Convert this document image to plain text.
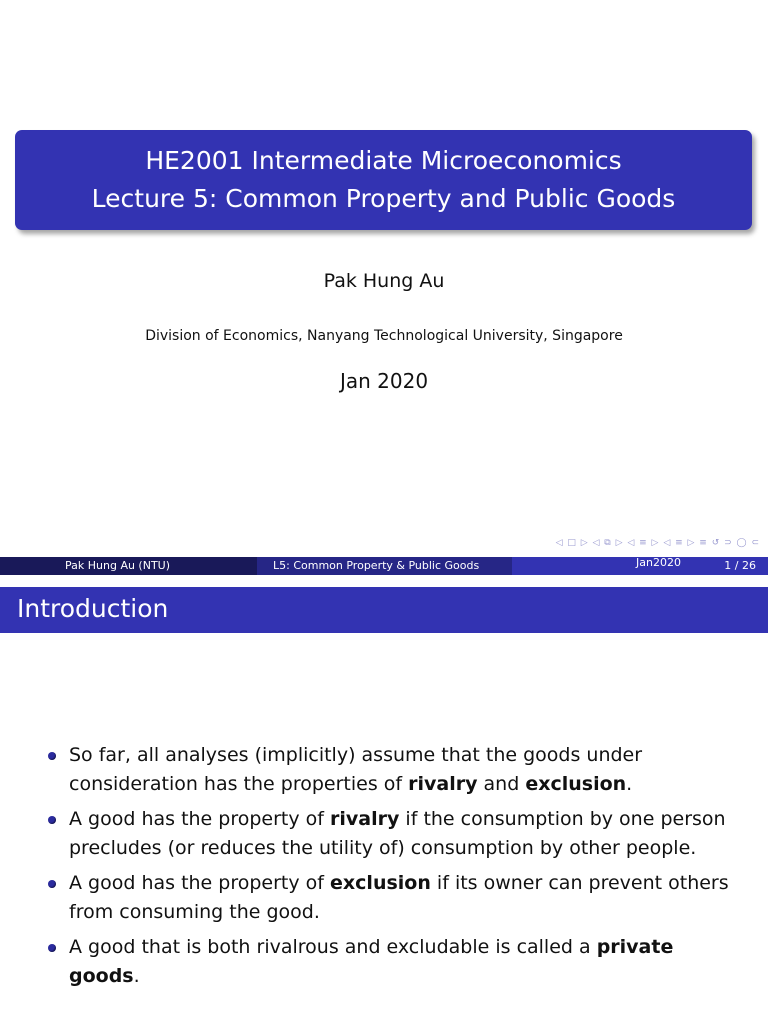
HE2001 Intermediate Microeconomics
Lecture 5: Common Property and Public Goods
Pak Hung Au
Division of Economics, Nanyang Technological University, Singapore
Jan 2020
◁ □ ▷ ◁ ⧉ ▷ ◁ ≡ ▷ ◁ ≡ ▷ ≡ ↺ ⊃ ◯ ⊂
Pak Hung Au (NTU)	L5: Common Property & Public Goods	Jan2020	1 / 26
Introduction
So far, all analyses (implicitly) assume that the goods under consideration has the properties of rivalry and exclusion.
A good has the property of rivalry if the consumption by one person precludes (or reduces the utility of) consumption by other people.
A good has the property of exclusion if its owner can prevent others from consuming the good.
A good that is both rivalrous and excludable is called a private goods.
